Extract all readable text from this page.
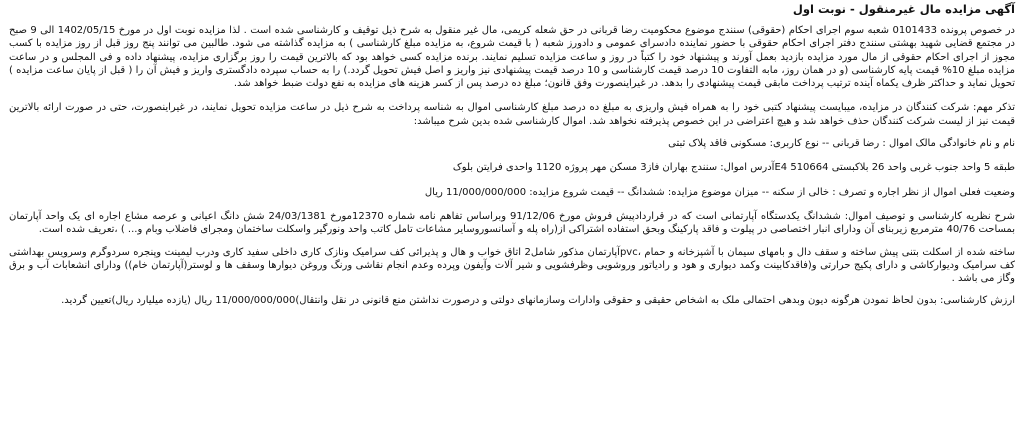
آگهی مزایده مال غیرمنقول - نوبت اول

در خصوص پرونده 0101433 شعبه سوم اجرای احکام (حقوقی) سنندج موضوع محکومیت رضا قربانی در حق شعله کریمی، مال غیر منقول به شرح ذیل توقیف و کارشناسی شده است . لذا مزایده نوبت اول در مورخ 1402/05/15 الی 9 صبح در مجتمع قضایی شهید بهشتی سنندج دفتر اجرای احکام حقوقی با حضور نماینده دادسرای عمومی و دادورز شعبه ( با قیمت شروع، به مزایده مبلغ کارشناسی ) به مزایده گذاشته می شود. طالبین می توانند پنج روز قبل از روز مزایده با کسب مجوز از اجرای احکام حقوقی از مال مورد مزایده بازدید بعمل آورند و پیشنهاد خود را کتباً در روز و ساعت مزایده تسلیم نمایند. برنده مزایده کسی خواهد بود که بالاترین قیمت را روز برگزاری مزایده، پیشنهاد داده و فی المجلس و در ساعت مزایده مبلغ 10% قیمت پایه کارشناسی (و در همان روز، مابه التفاوت 10 درصد قیمت کارشناسی و 10 درصد قیمت پیشنهادی نیز واریز و اصل فیش تحویل گردد.) را به حساب سپرده دادگستری واریز و فیش آن را ( قبل از پایان ساعت مزایده ) تحویل نماید و حداکثر ظرف یکماه آینده ترتیب پرداخت مابقی قیمت پیشنهادی را بدهد. در غیراینصورت وفق قانون؛ مبلغ ده درصد پس از کسر هزینه های مزایده به نفع دولت ضبط خواهد شد.

تذکر مهم: شرکت کنندگان در مزایده، میبایست پیشنهاد کتبی خود را به همراه فیش واریزی به مبلغ ده درصد مبلغ کارشناسی اموال به شناسه پرداخت به شرح ذیل در ساعت مزایده تحویل نمایند، در غیراینصورت، حتی در صورت ارائه بالاترین قیمت نیز از لیست شرکت کنندگان حذف خواهد شد و هیچ اعتراضی در این خصوص پذیرفته نخواهد شد. اموال کارشناسی شده بدین شرح میباشد:

نام و نام خانوادگی مالک اموال : رضا قربانی -- نوع کاربری: مسکونی فاقد پلاک ثبتی

طبقه 5 واحد جنوب غربی واحد 26 بلاکبستی E4 510664آدرس اموال: سنندج بهاران فاز3 مسکن مهر پروژه 1120 واحدی فرایتن بلوک

وضعیت فعلی اموال از نظر اجاره و تصرف : خالی از سکنه -- میزان موضوع مزایده: ششدانگ -- قیمت شروع مزایده: 11/000/000/000 ریال

شرح نظریه کارشناسی و توصیف اموال: ششدانگ یکدستگاه آپارتمانی است که در قراردادپیش فروش مورخ 91/12/06 وبراساس تفاهم نامه شماره 12370مورخ 24/03/1381 شش دانگ اعیانی و عرصه مشاع اجاره ای یک واحد آپارتمان بمساحت 40/76 مترمربع زیربنای آن ودارای انبار اختصاصی در پیلوت و فاقد پارکینگ وبحق استفاده اشتراکی از(راه پله و آسانسوروسایر مشاعات تامل کاتب واحد ونورگیر واسکلت ساختمان ومجرای فاضلاب وبام و... ) ،تعریف شده است.

ساخته شده از اسکلت بتنی پیش ساخته و سقف دال و بامهای سیمان با آشپزخانه و حمام ،pvcآپارتمان مذکور شامل2 اتاق خواب و هال و پذیرائی کف سرامیک ونازک کاری داخلی سفید کاری ودرب لیمینت وپنجره سردوگرم وسرویس بهداشتی کف سرامیک وديوارکاشی و دارای پکیج حرارتی و(فاقدکابینت وکمد دیواری و هود و رادیاتور وروشویی وظرفشویی و شیر آلات وآیفون وپرده وعدم انجام نقاشی ورنگ وروغن دیوارها وسقف ها و لوستر(آپارتمان خام)) ودارای انشعابات آب و برق وگاز می باشد .

ارزش کارشناسی: بدون لحاظ نمودن هرگونه دیون وبدهی احتمالی ملک به اشخاص حقیقی و حقوقی وادارات وسازمانهای دولتی و درصورت نداشتن منع قانونی در نقل وانتقال)11/000/000/000 ریال (یازده میلیارد ریال)تعیین گردید.
